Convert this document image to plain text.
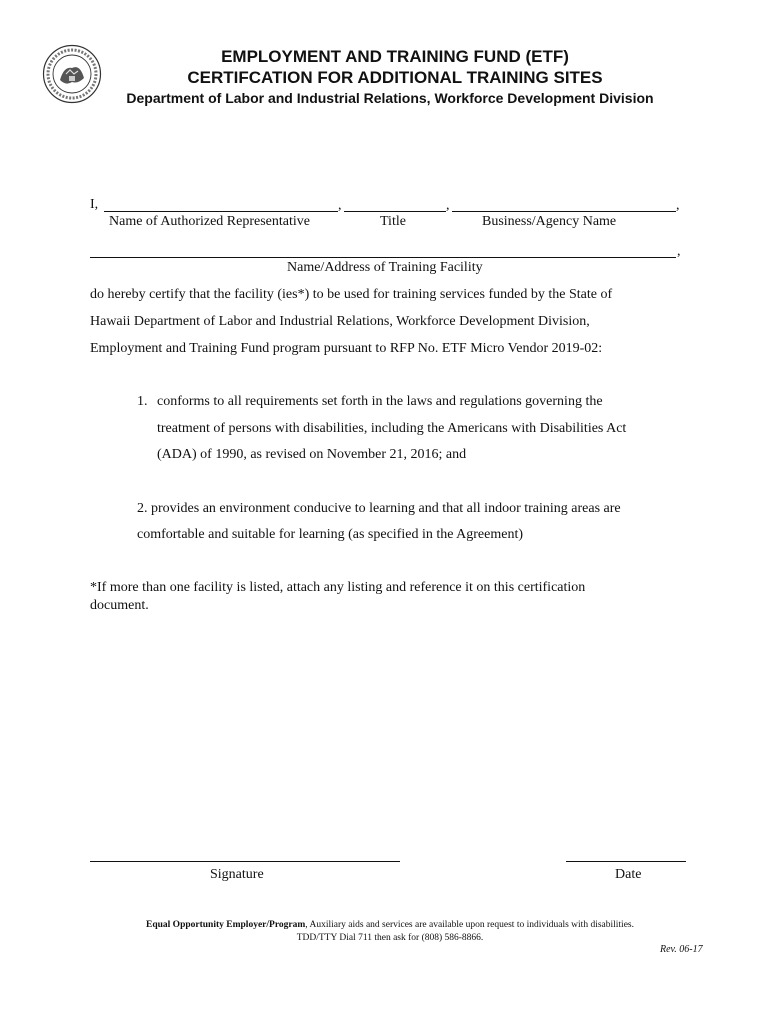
EMPLOYMENT AND TRAINING FUND (ETF)
CERTIFCATION FOR ADDITIONAL TRAINING SITES
Department of Labor and Industrial Relations, Workforce Development Division
I,	,	,	,
Name of Authorized Representative	Title	Business/Agency Name
,
Name/Address of Training Facility
do hereby certify that the facility (ies*) to be used for training services funded by the State of
Hawaii Department of Labor and Industrial Relations, Workforce Development Division,
Employment and Training Fund program pursuant to RFP No. ETF Micro Vendor 2019-02:
1. conforms to all requirements set forth in the laws and regulations governing the
treatment of persons with disabilities, including the Americans with Disabilities Act
(ADA) of 1990, as revised on November 21, 2016; and
2. provides an environment conducive to learning and that all indoor training areas are
comfortable and suitable for learning (as specified in the Agreement)
*If more than one facility is listed, attach any listing and reference it on this certification
document.
Signature	Date
Equal Opportunity Employer/Program, Auxiliary aids and services are available upon request to individuals with disabilities.
TDD/TTY Dial 711 then ask for (808) 586-8866.
Rev. 06-17
